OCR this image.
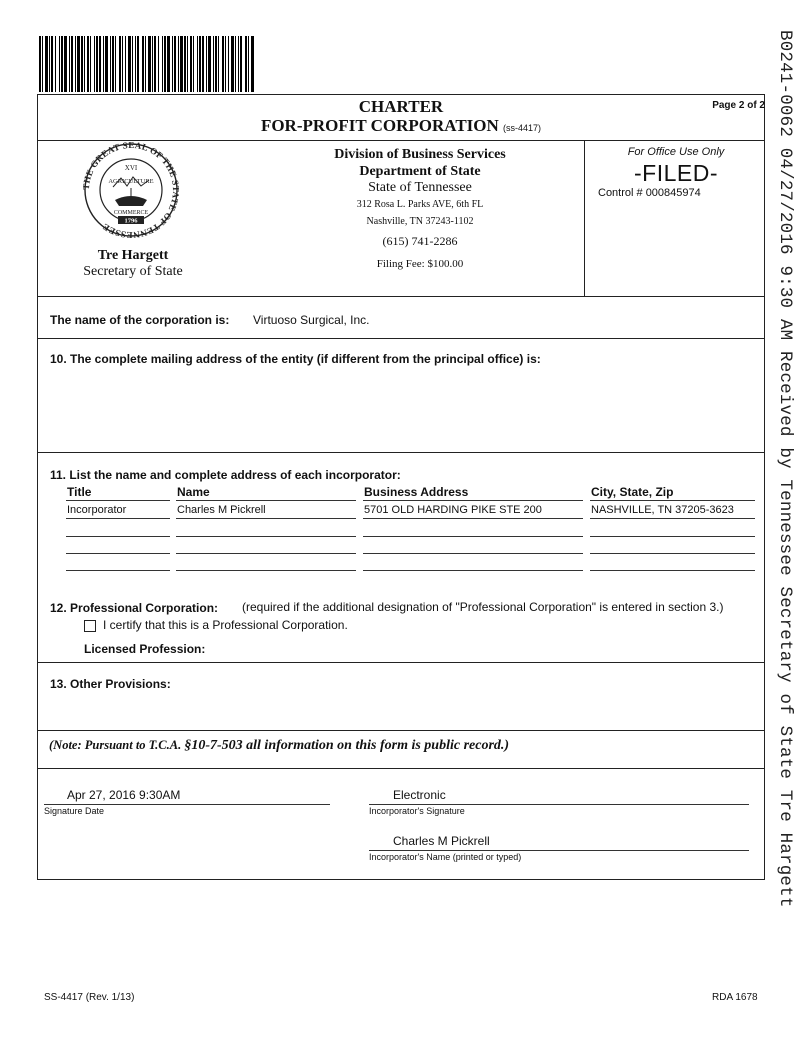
B0241-0062 04/27/2016 9:30 AM Received by Tennessee Secretary of State Tre Hargett
CHARTER
FOR-PROFIT CORPORATION (ss-4417)
Page 2 of 2
THE GREAT SEAL OF THE STATE OF TENNESSEE
XVI
AGRICULTURE
COMMERCE
1796
Tre Hargett
Secretary of State
Division of Business Services
Department of State
State of Tennessee
312 Rosa L. Parks AVE, 6th FL
Nashville, TN 37243-1102
(615) 741-2286
Filing Fee: $100.00
For Office Use Only
-FILED-
Control # 000845974
The name of the corporation is: Virtuoso Surgical, Inc.
10. The complete mailing address of the entity (if different from the principal office) is:
11. List the name and complete address of each incorporator:
Title	Name	Business Address	City, State, Zip
Incorporator	Charles M Pickrell	5701 OLD HARDING PIKE STE 200	NASHVILLE, TN 37205-3623
12. Professional Corporation: (required if the additional designation of "Professional Corporation" is entered in section 3.)
I certify that this is a Professional Corporation.
Licensed Profession:
13. Other Provisions:
(Note: Pursuant to T.C.A. §10-7-503 all information on this form is public record.)
Apr 27, 2016 9:30AM
Signature Date
Electronic
Incorporator's Signature
Charles M Pickrell
Incorporator's Name (printed or typed)
SS-4417 (Rev. 1/13)	RDA 1678
